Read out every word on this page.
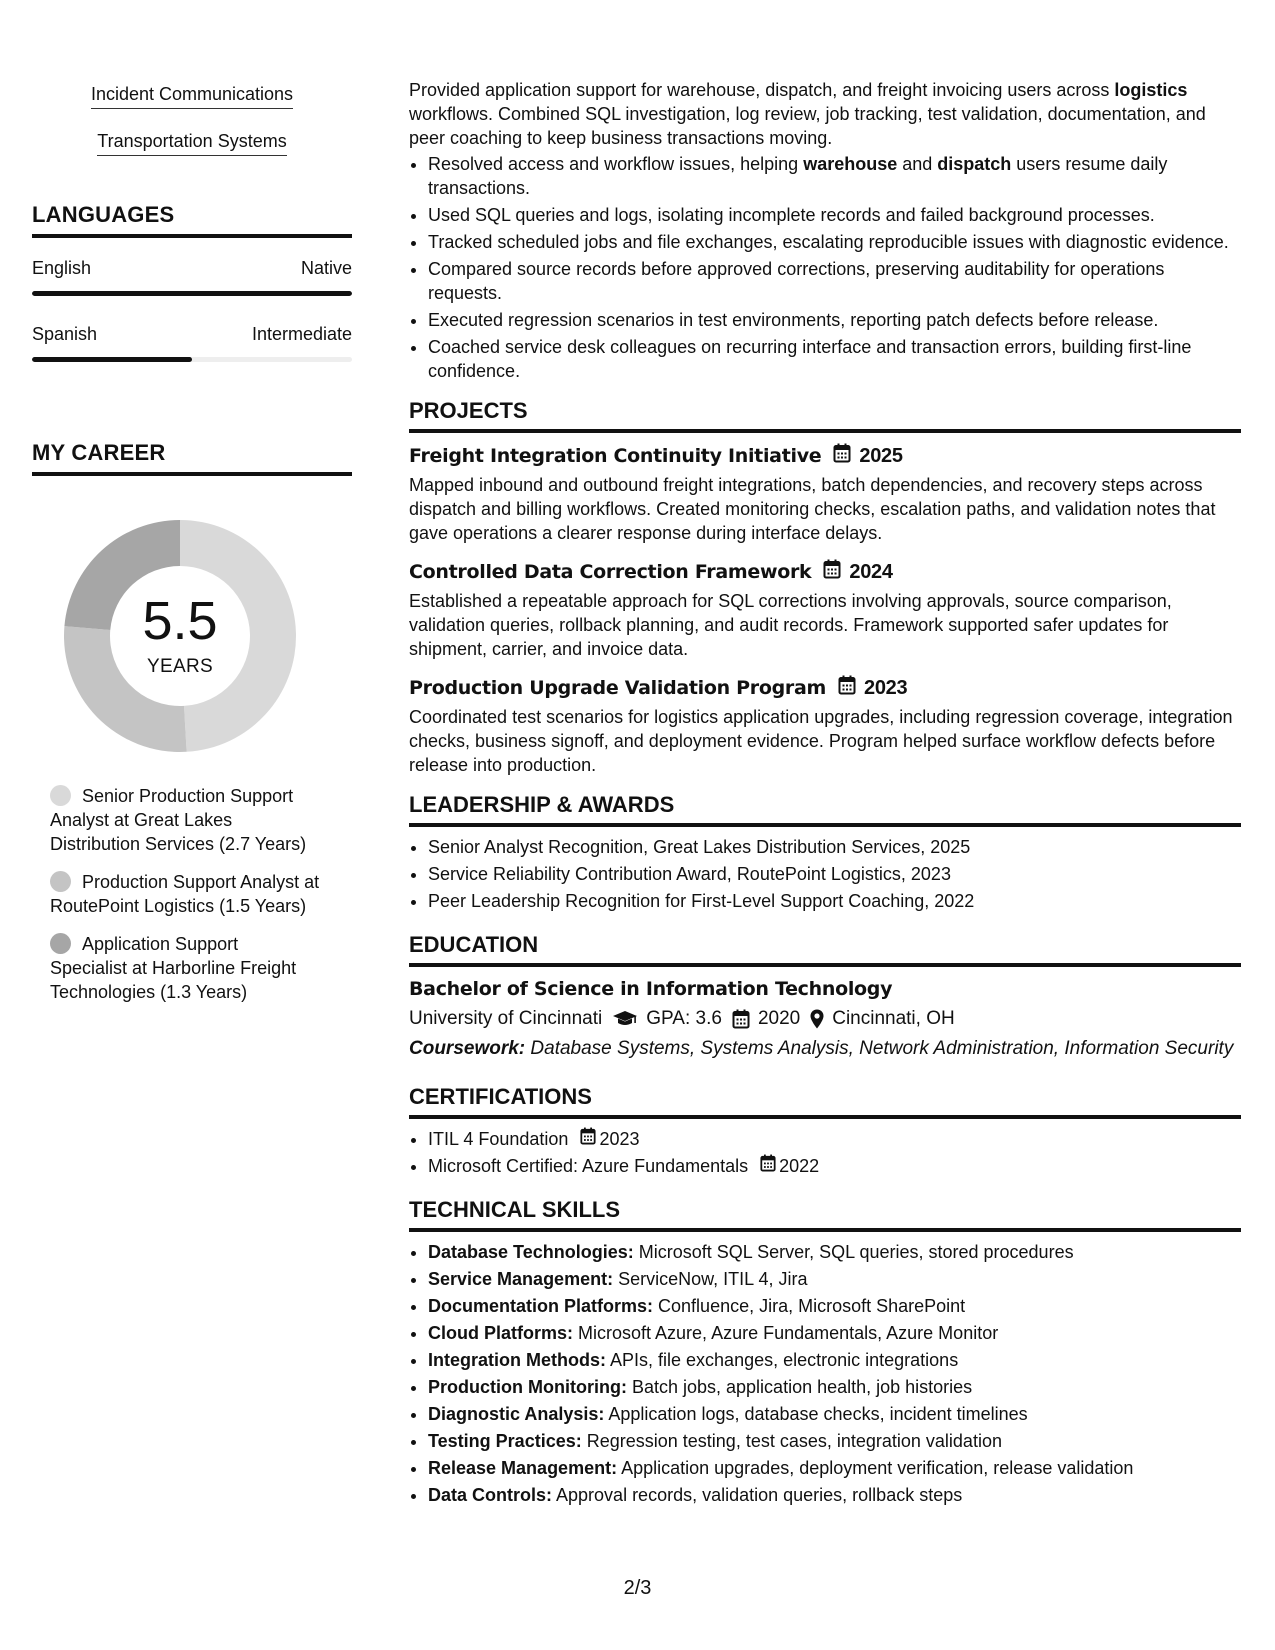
Incident Communications
Transportation Systems
LANGUAGES
English	Native
Spanish	Intermediate
MY CAREER
5.5
YEARS
Senior Production Support Analyst at Great Lakes Distribution Services (2.7 Years)
Production Support Analyst at RoutePoint Logistics (1.5 Years)
Application Support Specialist at Harborline Freight Technologies (1.3 Years)

Provided application support for warehouse, dispatch, and freight invoicing users across logistics workflows. Combined SQL investigation, log review, job tracking, test validation, documentation, and peer coaching to keep business transactions moving.

• Resolved access and workflow issues, helping warehouse and dispatch users resume daily transactions.
• Used SQL queries and logs, isolating incomplete records and failed background processes.
• Tracked scheduled jobs and file exchanges, escalating reproducible issues with diagnostic evidence.
• Compared source records before approved corrections, preserving auditability for operations requests.
• Executed regression scenarios in test environments, reporting patch defects before release.
• Coached service desk colleagues on recurring interface and transaction errors, building first-line confidence.
PROJECTS
Freight Integration Continuity Initiative 2025

Mapped inbound and outbound freight integrations, batch dependencies, and recovery steps across dispatch and billing workflows. Created monitoring checks, escalation paths, and validation notes that gave operations a clearer response during interface delays.

Controlled Data Correction Framework 2024

Established a repeatable approach for SQL corrections involving approvals, source comparison, validation queries, rollback planning, and audit records. Framework supported safer updates for shipment, carrier, and invoice data.

Production Upgrade Validation Program 2023

Coordinated test scenarios for logistics application upgrades, including regression coverage, integration checks, business signoff, and deployment evidence. Program helped surface workflow defects before release into production.

LEADERSHIP & AWARDS
• Senior Analyst Recognition, Great Lakes Distribution Services, 2025
• Service Reliability Contribution Award, RoutePoint Logistics, 2023
• Peer Leadership Recognition for First-Level Support Coaching, 2022
EDUCATION
Bachelor of Science in Information Technology
University of Cincinnati GPA: 3.6 2020 Cincinnati, OH
Coursework: Database Systems, Systems Analysis, Network Administration, Information Security
CERTIFICATIONS
• ITIL 4 Foundation 2023
• Microsoft Certified: Azure Fundamentals 2022
TECHNICAL SKILLS
• Database Technologies: Microsoft SQL Server, SQL queries, stored procedures
• Service Management: ServiceNow, ITIL 4, Jira
• Documentation Platforms: Confluence, Jira, Microsoft SharePoint
• Cloud Platforms: Microsoft Azure, Azure Fundamentals, Azure Monitor
• Integration Methods: APIs, file exchanges, electronic integrations
• Production Monitoring: Batch jobs, application health, job histories
• Diagnostic Analysis: Application logs, database checks, incident timelines
• Testing Practices: Regression testing, test cases, integration validation
• Release Management: Application upgrades, deployment verification, release validation
• Data Controls: Approval records, validation queries, rollback steps
2/3
